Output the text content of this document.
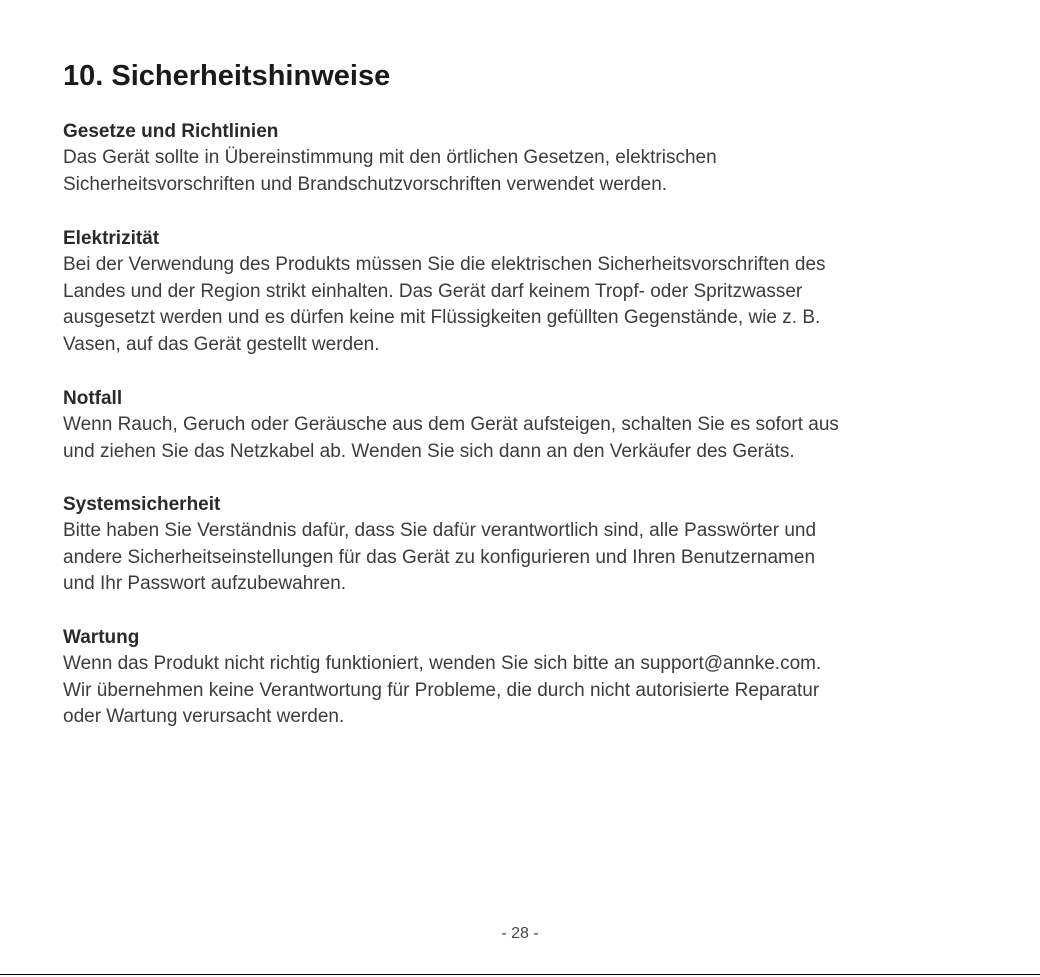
10. Sicherheitshinweise
Gesetze und Richtlinien

Das Gerät sollte in Übereinstimmung mit den örtlichen Gesetzen, elektrischen
Sicherheitsvorschriften und Brandschutzvorschriften verwendet werden.

Elektrizität

Bei der Verwendung des Produkts müssen Sie die elektrischen Sicherheitsvorschriften des
Landes und der Region strikt einhalten. Das Gerät darf keinem Tropf- oder Spritzwasser
ausgesetzt werden und es dürfen keine mit Flüssigkeiten gefüllten Gegenstände, wie z. B.
Vasen, auf das Gerät gestellt werden.

Notfall

Wenn Rauch, Geruch oder Geräusche aus dem Gerät aufsteigen, schalten Sie es sofort aus
und ziehen Sie das Netzkabel ab. Wenden Sie sich dann an den Verkäufer des Geräts.

Systemsicherheit

Bitte haben Sie Verständnis dafür, dass Sie dafür verantwortlich sind, alle Passwörter und
andere Sicherheitseinstellungen für das Gerät zu konfigurieren und Ihren Benutzernamen
und Ihr Passwort aufzubewahren.

Wartung

Wenn das Produkt nicht richtig funktioniert, wenden Sie sich bitte an support@annke.com.
Wir übernehmen keine Verantwortung für Probleme, die durch nicht autorisierte Reparatur
oder Wartung verursacht werden.

- 28 -
